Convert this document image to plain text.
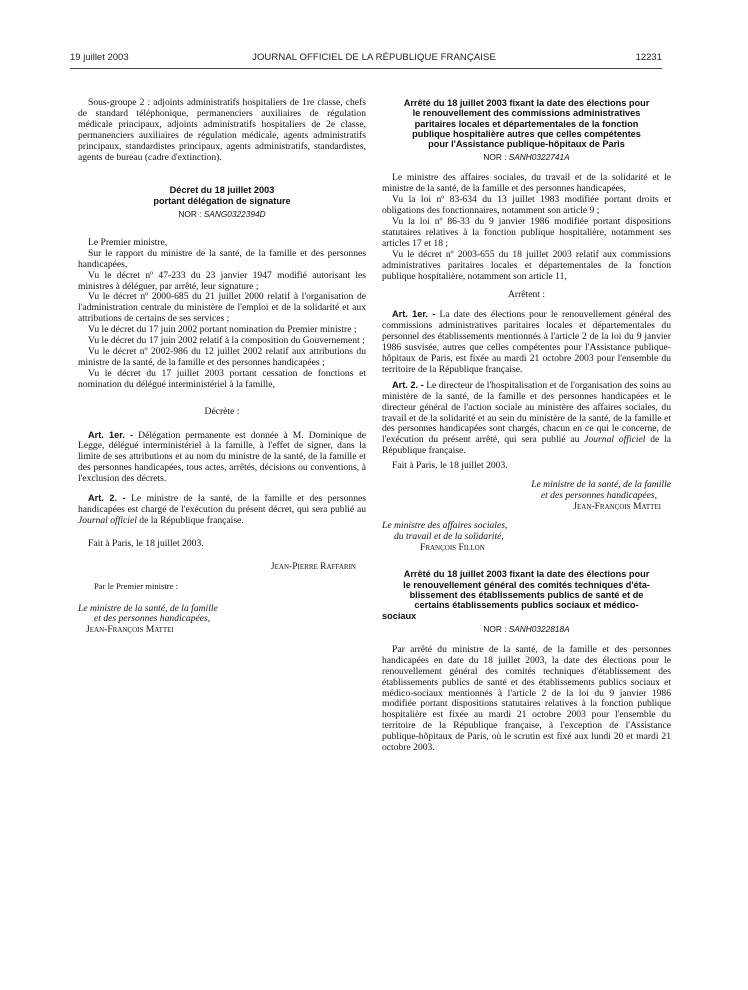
19 juillet 2003	JOURNAL OFFICIEL DE LA RÉPUBLIQUE FRANÇAISE	12231

Sous-groupe 2 : adjoints administratifs hospitaliers de 1re classe, chefs de standard téléphonique, permanenciers auxiliaires de régulation médicale principaux, adjoints administratifs hospitaliers de 2e classe, permanenciers auxiliaires de régulation médicale, agents administratifs principaux, standardistes principaux, agents administratifs, standardistes, agents de bureau (cadre d'extinction).

Décret du 18 juillet 2003

portant délégation de signature

NOR : SANG0322394D

Le Premier ministre,

Sur le rapport du ministre de la santé, de la famille et des personnes handicapées,

Vu le décret nº 47-233 du 23 janvier 1947 modifié autorisant les ministres à déléguer, par arrêté, leur signature ;

Vu le décret nº 2000-685 du 21 juillet 2000 relatif à l'organisation de l'administration centrale du ministère de l'emploi et de la solidarité et aux attributions de certains de ses services ;

Vu le décret du 17 juin 2002 portant nomination du Premier ministre ;

Vu le décret du 17 juin 2002 relatif à la composition du Gouvernement ;

Vu le décret nº 2002-986 du 12 juillet 2002 relatif aux attributions du ministre de la santé, de la famille et des personnes handicapées ;

Vu le décret du 17 juillet 2003 portant cessation de fonctions et nomination du délégué interministériel à la famille,

Décrète :

Art. 1er. - Délégation permanente est donnée à M. Dominique de Legge, délégué interministériel à la famille, à l'effet de signer, dans la limite de ses attributions et au nom du ministre de la santé, de la famille et des personnes handicapées, tous actes, arrêtés, décisions ou conventions, à l'exclusion des décrets.

Art. 2. - Le ministre de la santé, de la famille et des personnes handicapées est chargé de l'exécution du présent décret, qui sera publié au Journal officiel de la République française.

Fait à Paris, le 18 juillet 2003.

Jean-Pierre Raffarin

Par le Premier ministre :

Le ministre de la santé, de la famille

et des personnes handicapées,

Jean-François Mattei

Arrêté du 18 juillet 2003 fixant la date des élections pour

le renouvellement des commissions administratives

paritaires locales et départementales de la fonction

publique hospitalière autres que celles compétentes

pour l'Assistance publique-hôpitaux de Paris

NOR : SANH0322741A

Le ministre des affaires sociales, du travail et de la solidarité et le ministre de la santé, de la famille et des personnes handicapées,

Vu la loi nº 83-634 du 13 juillet 1983 modifiée portant droits et obligations des fonctionnaires, notamment son article 9 ;

Vu la loi nº 86-33 du 9 janvier 1986 modifiée portant dispositions statutaires relatives à la fonction publique hospitalière, notamment ses articles 17 et 18 ;

Vu le décret nº 2003-655 du 18 juillet 2003 relatif aux commissions administratives paritaires locales et départementales de la fonction publique hospitalière, notamment son article 11,

Arrêtent :

Art. 1er. - La date des élections pour le renouvellement général des commissions administratives paritaires locales et départementales du personnel des établissements mentionnés à l'article 2 de la loi du 9 janvier 1986 susvisée, autres que celles compétentes pour l'Assistance publique-hôpitaux de Paris, est fixée au mardi 21 octobre 2003 pour l'ensemble du territoire de la République française.

Art. 2. - Le directeur de l'hospitalisation et de l'organisation des soins au ministère de la santé, de la famille et des personnes handicapées et le directeur général de l'action sociale au ministère des affaires sociales, du travail et de la solidarité et au sein du ministère de la santé, de la famille et des personnes handicapées sont chargés, chacun en ce qui le concerne, de l'exécution du présent arrêté, qui sera publié au Journal officiel de la République française.

Fait à Paris, le 18 juillet 2003.

Le ministre de la santé, de la famille

et des personnes handicapées,

Jean-François Mattei

Le ministre des affaires sociales,

du travail et de la solidarité,

François Fillon

Arrêté du 18 juillet 2003 fixant la date des élections pour

le renouvellement général des comités techniques d'éta-

blissement des établissements publics de santé et de

certains établissements publics sociaux et médico-

sociaux

NOR : SANH0322818A

Par arrêté du ministre de la santé, de la famille et des personnes handicapées en date du 18 juillet 2003, la date des élections pour le renouvellement général des comités techniques d'établissement des établissements publics de santé et des établissements publics sociaux et médico-sociaux mentionnés à l'article 2 de la loi du 9 janvier 1986 modifiée portant dispositions statutaires relatives à la fonction publique hospitalière est fixée au mardi 21 octobre 2003 pour l'ensemble du territoire de la République française, à l'exception de l'Assistance publique-hôpitaux de Paris, où le scrutin est fixé aux lundi 20 et mardi 21 octobre 2003.
